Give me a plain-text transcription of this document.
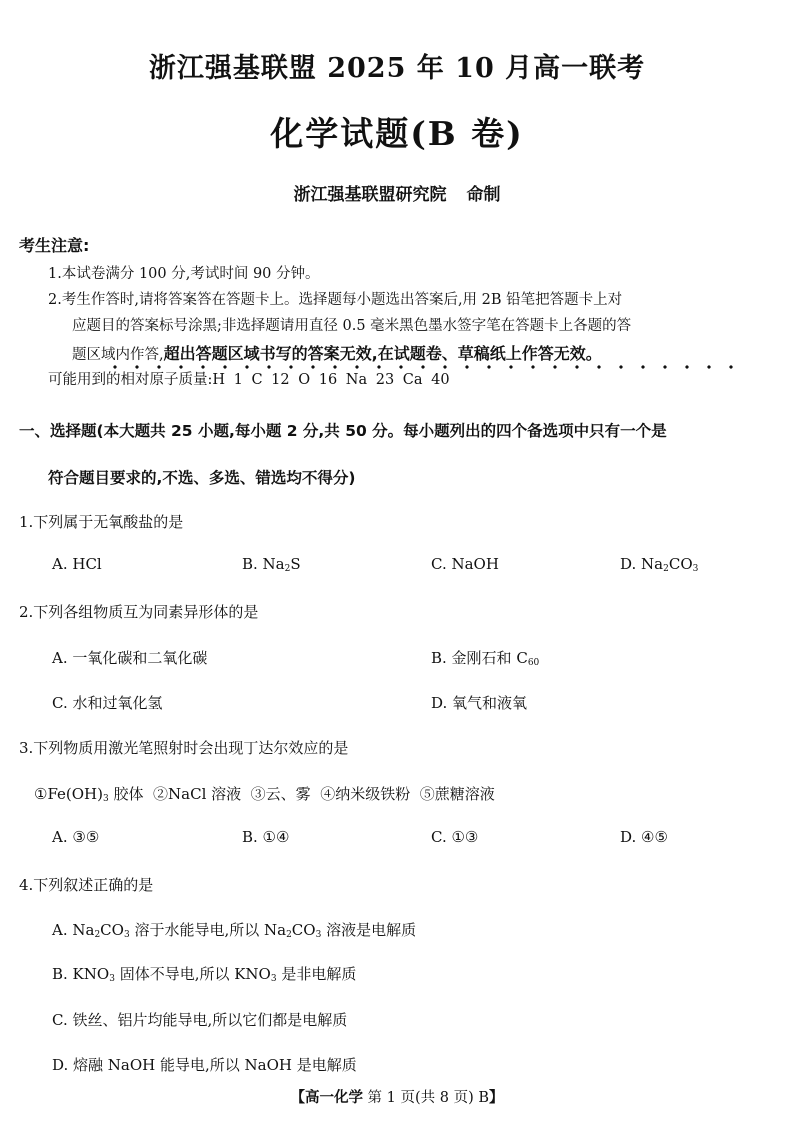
浙江强基联盟 2025 年 10 月高一联考
化学试题(B 卷)
浙江强基联盟研究院 命制
考生注意:
1.本试卷满分 100 分,考试时间 90 分钟。
2.考生作答时,请将答案答在答题卡上。选择题每小题选出答案后,用 2B 铅笔把答题卡上对
应题目的答案标号涂黑;非选择题请用直径 0.5 毫米黑色墨水签字笔在答题卡上各题的答
题区域内作答,超出答题区域书写的答案无效,在试题卷、草稿纸上作答无效。
可能用到的相对原子质量:H 1 C 12 O 16 Na 23 Ca 40
一、选择题(本大题共 25 小题,每小题 2 分,共 50 分。每小题列出的四个备选项中只有一个是
符合题目要求的,不选、多选、错选均不得分)
1.下列属于无氧酸盐的是
A. HCl	B. $Na_2S$	C. NaOH	D. $Na_2CO_3$
2.下列各组物质互为同素异形体的是
A. 一氧化碳和二氧化碳	B. 金刚石和 $C_{60}$
C. 水和过氧化氢	D. 氧气和液氧
3.下列物质用激光笔照射时会出现丁达尔效应的是
$①Fe(OH)_3$ 胶体  ②NaCl 溶液  ③云、雾  ④纳米级铁粉  ⑤蔗糖溶液
A. ③⑤	B. ①④	C. ①③	D. ④⑤
4.下列叙述正确的是
A. $Na_2CO_3$ 溶于水能导电,所以 $Na_2CO_3$ 溶液是电解质
B. $KNO_3$ 固体不导电,所以 $KNO_3$ 是非电解质
C. 铁丝、铝片均能导电,所以它们都是电解质
D. 熔融 NaOH 能导电,所以 NaOH 是电解质
【高一化学 第 1 页(共 8 页) B】
